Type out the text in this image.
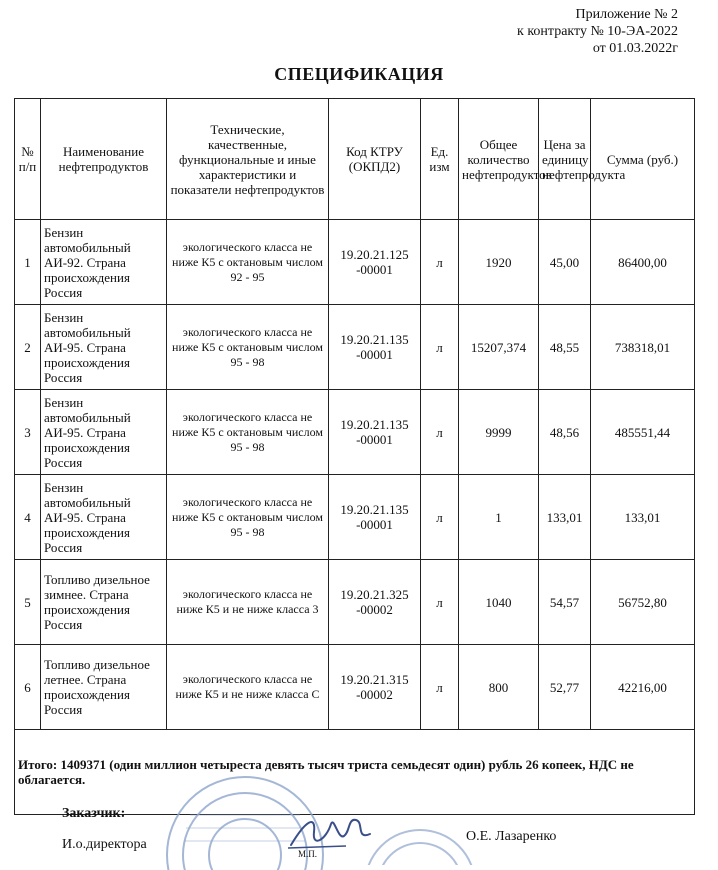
Приложение № 2
к контракту № 10-ЭА-2022
от 01.03.2022г
СПЕЦИФИКАЦИЯ
№ п/п	Наименование нефтепродуктов	Технические, качественные, функциональные и иные характеристики и показатели нефтепродуктов	Код КТРУ (ОКПД2)	Ед. изм	Общее количество нефтепродуктов	Цена за единицу нефтепродукта	Сумма (руб.)
1	Бензин автомобильный АИ-92. Страна происхождения Россия	экологического класса не ниже К5 с октановым числом 92 - 95	19.20.21.125 -00001	л	1920	45,00	86400,00
2	Бензин автомобильный АИ-95. Страна происхождения Россия	экологического класса не ниже К5 с октановым числом 95 - 98	19.20.21.135 -00001	л	15207,374	48,55	738318,01
3	Бензин автомобильный АИ-95. Страна происхождения Россия	экологического класса не ниже К5 с октановым числом 95 - 98	19.20.21.135 -00001	л	9999	48,56	485551,44
4	Бензин автомобильный АИ-95. Страна происхождения Россия	экологического класса не ниже К5 с октановым числом 95 - 98	19.20.21.135 -00001	л	1	133,01	133,01
5	Топливо дизельное зимнее. Страна происхождения Россия	экологического класса не ниже К5 и не ниже класса 3	19.20.21.325 -00002	л	1040	54,57	56752,80
6	Топливо дизельное летнее. Страна происхождения Россия	экологического класса не ниже К5 и не ниже класса С	19.20.21.315 -00002	л	800	52,77	42216,00
Итого: 1409371 (один миллион четыреста девять тысяч триста семьдесят один) рубль 26 копеек, НДС не облагается.							
Заказчик:
И.о.директора
О.Е. Лазаренко
М.П.
